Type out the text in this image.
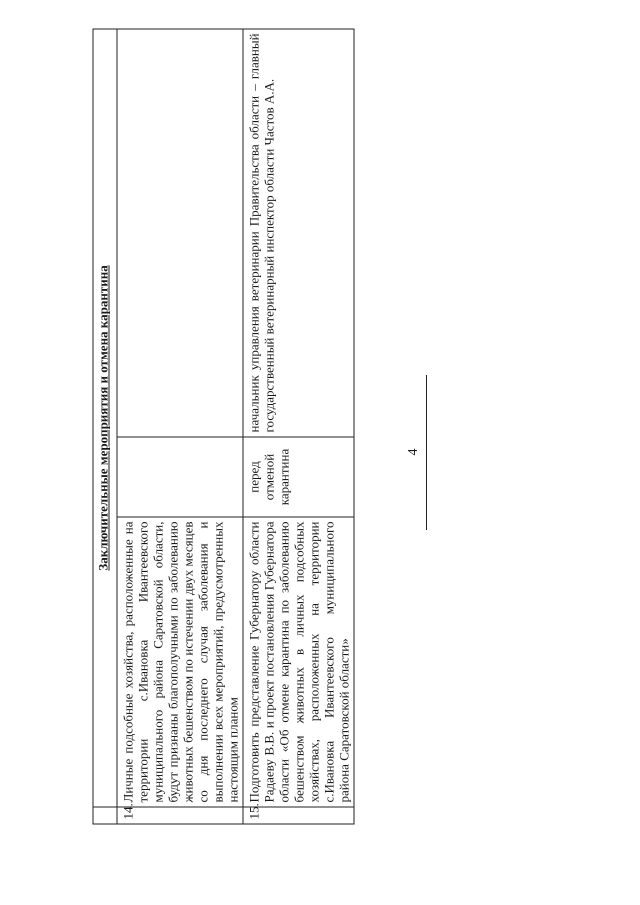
4
	Заключительные мероприятия и отмена карантина		
14.	Личные подсобные хозяйства, расположенные на территории с.Ивановка Ивантеевского муниципального района Саратовской области, будут признаны благополучными по заболеванию животных бешенством по истечении двух месяцев со дня последнего случая заболевания и выполнении всех мероприятий, предусмотренных настоящим планом		
15.	Подготовить представление Губернатору области Радаеву В.В. и проект постановления Губернатора области «Об отмене карантина по заболеванию бешенством животных в личных подсобных хозяйствах, расположенных на территории с.Ивановка Ивантеевского муниципального района Саратовской области»	перед отменой карантина	начальник управления ветеринарии Правительства области – главный государственный ветеринарный инспектор области Частов А.А.
